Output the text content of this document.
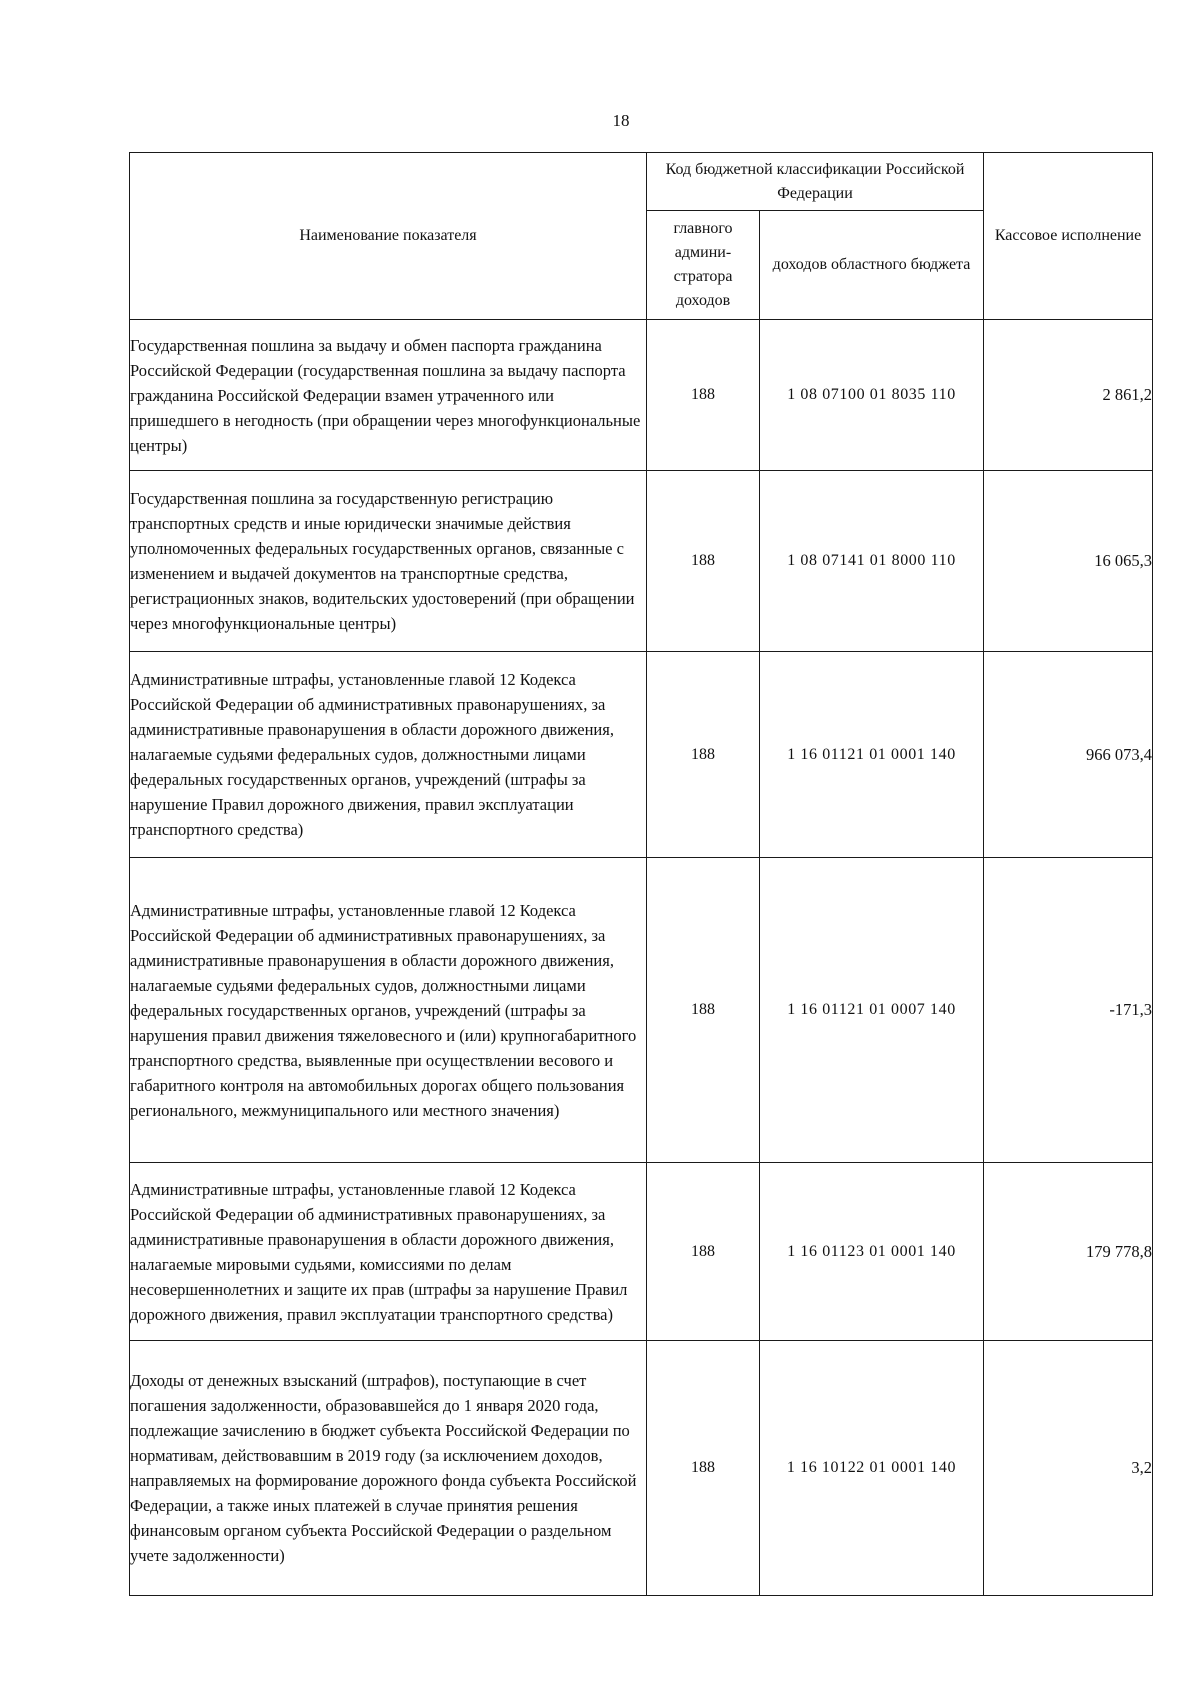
18
Наименование показателя	Код бюджетной классификации Российской Федерации		Кассовое исполнение
	главного админи-стратора доходов	доходов областного бюджета	
Государственная пошлина за выдачу и обмен паспорта гражданина Российской Федерации (государственная пошлина за выдачу паспорта гражданина Российской Федерации взамен утраченного или пришедшего в негодность (при обращении через многофункциональные центры)	188	1 08 07100 01 8035 110	2 861,2
Государственная пошлина за государственную регистрацию транспортных средств и иные юридически значимые действия уполномоченных федеральных государственных органов, связанные с изменением и выдачей документов на транспортные средства, регистрационных знаков, водительских удостоверений (при обращении через многофункциональные центры)	188	1 08 07141 01 8000 110	16 065,3
Административные штрафы, установленные главой 12 Кодекса Российской Федерации об административных правонарушениях, за административные правонарушения в области дорожного движения, налагаемые судьями федеральных судов, должностными лицами федеральных государственных органов, учреждений (штрафы за нарушение Правил дорожного движения, правил эксплуатации транспортного средства)	188	1 16 01121 01 0001 140	966 073,4
Административные штрафы, установленные главой 12 Кодекса Российской Федерации об административных правонарушениях, за административные правонарушения в области дорожного движения, налагаемые судьями федеральных судов, должностными лицами федеральных государственных органов, учреждений (штрафы за нарушения правил движения тяжеловесного и (или) крупногабаритного транспортного средства, выявленные при осуществлении весового и габаритного контроля на автомобильных дорогах общего пользования регионального, межмуниципального или местного значения)	188	1 16 01121 01 0007 140	-171,3
Административные штрафы, установленные главой 12 Кодекса Российской Федерации об административных правонарушениях, за административные правонарушения в области дорожного движения, налагаемые мировыми судьями, комиссиями по делам несовершеннолетних и защите их прав (штрафы за нарушение Правил дорожного движения, правил эксплуатации транспортного средства)	188	1 16 01123 01 0001 140	179 778,8
Доходы от денежных взысканий (штрафов), поступающие в счет погашения задолженности, образовавшейся до 1 января 2020 года, подлежащие зачислению в бюджет субъекта Российской Федерации по нормативам, действовавшим в 2019 году (за исключением доходов, направляемых на формирование дорожного фонда субъекта Российской Федерации, а также иных платежей в случае принятия решения финансовым органом субъекта Российской Федерации о раздельном учете задолженности)	188	1 16 10122 01 0001 140	3,2
